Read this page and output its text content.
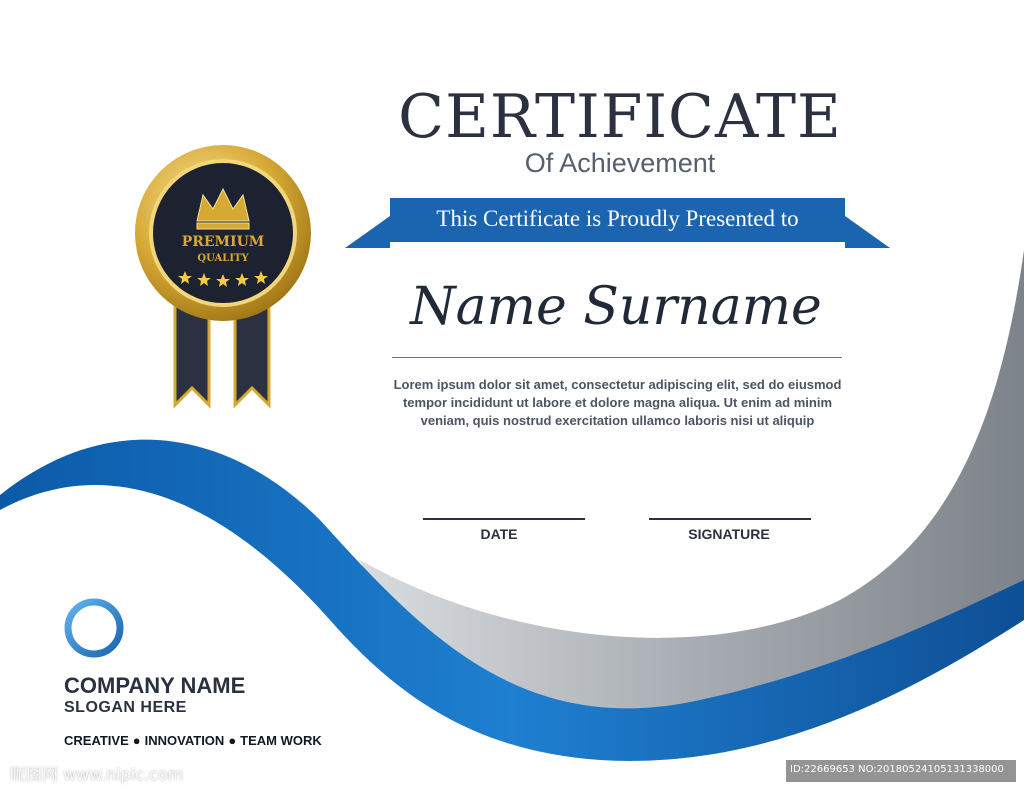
PREMIUM
QUALITY
CERTIFICATE
Of Achievement
This Certificate is Proudly Presented to
Name Surname
Lorem ipsum dolor sit amet, consectetur adipiscing elit, sed do eiusmod
tempor incididunt ut labore et dolore magna aliqua. Ut enim ad minim
veniam, quis nostrud exercitation ullamco laboris nisi ut aliquip
DATE	SIGNATURE
COMPANY NAME
SLOGAN HERE
CREATIVE ● INNOVATION ● TEAM WORK
昵图网 www.nipic.com	ID:22669653 NO:20180524105131338000
